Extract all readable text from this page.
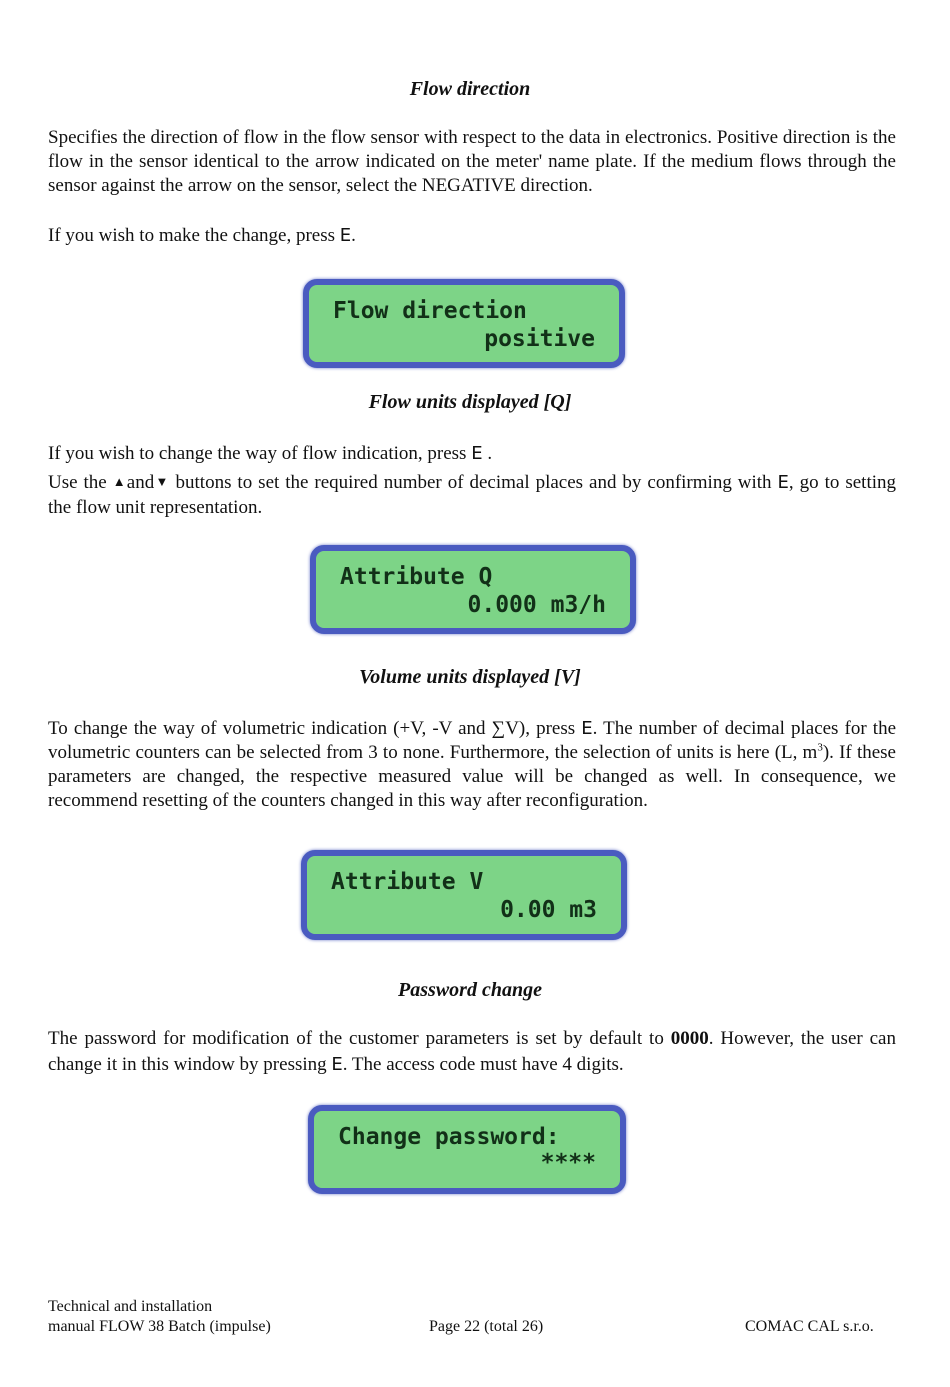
Flow direction
Specifies the direction of flow in the flow sensor with respect to the data in electronics. Positive direction is the flow in the sensor identical to the arrow indicated on the meter' name plate. If the medium flows through the sensor against the arrow on the sensor, select the NEGATIVE direction.
If you wish to make the change, press E.

Flow direction

positive

Flow units displayed [Q]
If you wish to change the way of flow indication, press E .
Use the ▲and▼ buttons to set the required number of decimal places and by confirming with E, go to setting the flow unit representation.

Attribute Q

0.000 m3/h

Volume units displayed [V]
To change the way of volumetric indication (+V, -V and ∑V), press E. The number of decimal places for the volumetric counters can be selected from 3 to none. Furthermore, the selection of units is here (L, $m^3$). If these parameters are changed, the respective measured value will be changed as well. In consequence, we recommend resetting of the counters changed in this way after reconfiguration.

Attribute V

0.00 m3

Password change
The password for modification of the customer parameters is set by default to 0000. However, the user can change it in this window by pressing E. The access code must have 4 digits.

Change password:

****

Technical and installation
manual FLOW 38 Batch (impulse)	Page 22 (total 26)	COMAC CAL s.r.o.
